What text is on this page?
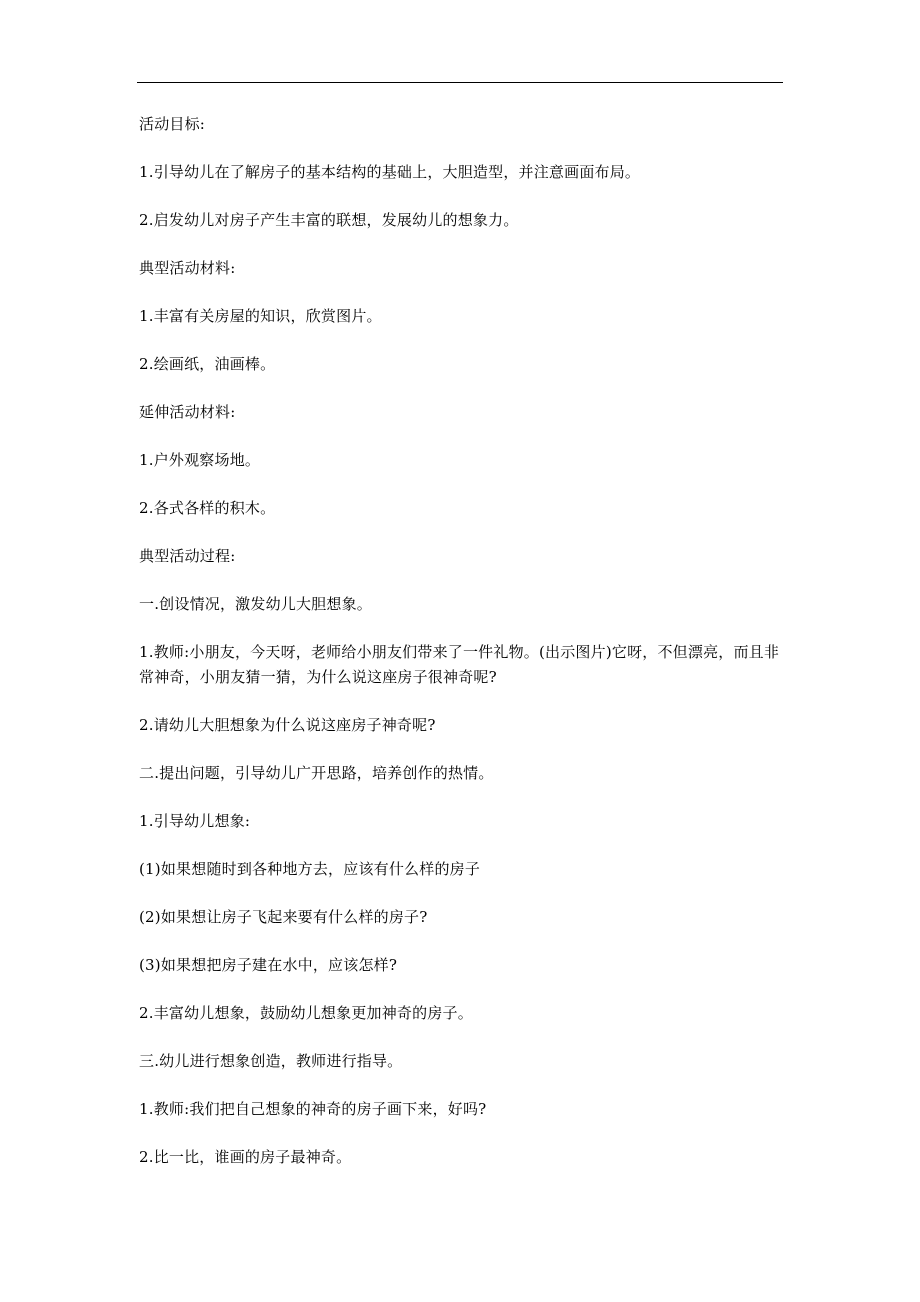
活动目标:

1.引导幼儿在了解房子的基本结构的基础上，大胆造型，并注意画面布局。

2.启发幼儿对房子产生丰富的联想，发展幼儿的想象力。

典型活动材料:

1.丰富有关房屋的知识，欣赏图片。

2.绘画纸，油画棒。

延伸活动材料:

1.户外观察场地。

2.各式各样的积木。

典型活动过程:

一.创设情况，激发幼儿大胆想象。

1.教师:小朋友，今天呀，老师给小朋友们带来了一件礼物。(出示图片)它呀，不但漂亮，而且非常神奇，小朋友猜一猜，为什么说这座房子很神奇呢?

2.请幼儿大胆想象为什么说这座房子神奇呢?

二.提出问题，引导幼儿广开思路，培养创作的热情。

1.引导幼儿想象:

(1)如果想随时到各种地方去，应该有什么样的房子

(2)如果想让房子飞起来要有什么样的房子?

(3)如果想把房子建在水中，应该怎样?

2.丰富幼儿想象，鼓励幼儿想象更加神奇的房子。

三.幼儿进行想象创造，教师进行指导。

1.教师:我们把自己想象的神奇的房子画下来，好吗?

2.比一比，谁画的房子最神奇。
